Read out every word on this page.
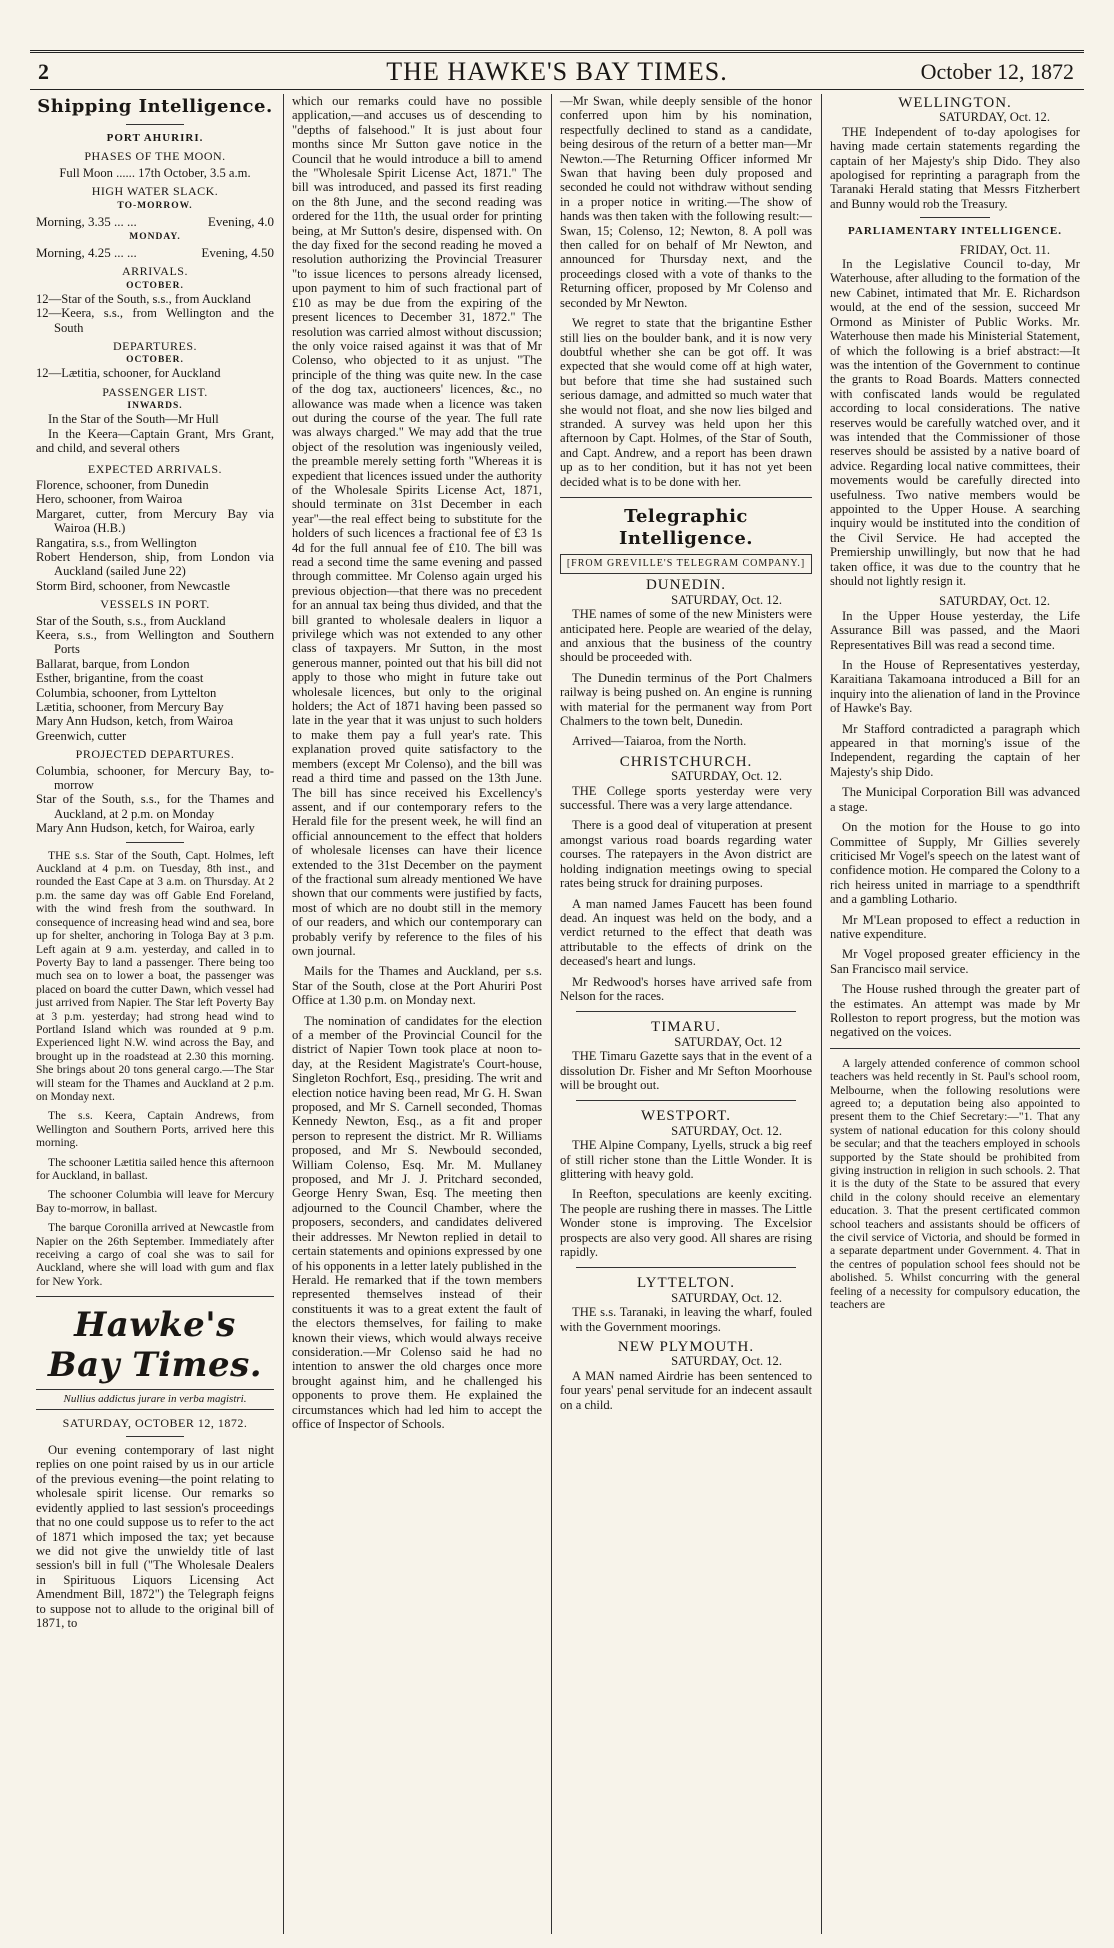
2	THE HAWKE'S BAY TIMES.	October 12, 1872
Shipping Intelligence.
PORT AHURIRI.
PHASES OF THE MOON.
Full Moon ...... 17th October, 3.5 a.m.
HIGH WATER SLACK.
TO-MORROW.
Morning, 3.35 ... ...	Evening, 4.0
MONDAY.
Morning, 4.25 ... ...	Evening, 4.50
ARRIVALS.
OCTOBER.
12—Star of the South, s.s., from Auckland
12—Keera, s.s., from Wellington and the South
DEPARTURES.
OCTOBER.
12—Lætitia, schooner, for Auckland
PASSENGER LIST.
INWARDS.
In the Star of the South—Mr Hull
In the Keera—Captain Grant, Mrs Grant, and child, and several others
EXPECTED ARRIVALS.
Florence, schooner, from Dunedin
Hero, schooner, from Wairoa
Margaret, cutter, from Mercury Bay via Wairoa (H.B.)
Rangatira, s.s., from Wellington
Robert Henderson, ship, from London via Auckland (sailed June 22)
Storm Bird, schooner, from Newcastle
VESSELS IN PORT.
Star of the South, s.s., from Auckland
Keera, s.s., from Wellington and Southern Ports
Ballarat, barque, from London
Esther, brigantine, from the coast
Columbia, schooner, from Lyttelton
Lætitia, schooner, from Mercury Bay
Mary Ann Hudson, ketch, from Wairoa
Greenwich, cutter
PROJECTED DEPARTURES.
Columbia, schooner, for Mercury Bay, to-morrow
Star of the South, s.s., for the Thames and Auckland, at 2 p.m. on Monday
Mary Ann Hudson, ketch, for Wairoa, early
THE s.s. Star of the South, Capt. Holmes, left Auckland at 4 p.m. on Tuesday, 8th inst., and rounded the East Cape at 3 a.m. on Thursday. At 2 p.m. the same day was off Gable End Foreland, with the wind fresh from the southward. In consequence of increasing head wind and sea, bore up for shelter, anchoring in Tologa Bay at 3 p.m. Left again at 9 a.m. yesterday, and called in to Poverty Bay to land a passenger. There being too much sea on to lower a boat, the passenger was placed on board the cutter Dawn, which vessel had just arrived from Napier. The Star left Poverty Bay at 3 p.m. yesterday; had strong head wind to Portland Island which was rounded at 9 p.m. Experienced light N.W. wind across the Bay, and brought up in the roadstead at 2.30 this morning. She brings about 20 tons general cargo.—The Star will steam for the Thames and Auckland at 2 p.m. on Monday next.
The s.s. Keera, Captain Andrews, from Wellington and Southern Ports, arrived here this morning.
The schooner Lætitia sailed hence this afternoon for Auckland, in ballast.
The schooner Columbia will leave for Mercury Bay to-morrow, in ballast.
The barque Coronilla arrived at Newcastle from Napier on the 26th September. Immediately after receiving a cargo of coal she was to sail for Auckland, where she will load with gum and flax for New York.
Hawke's Bay Times.
Nullius addictus jurare in verba magistri.
SATURDAY, OCTOBER 12, 1872.
Our evening contemporary of last night replies on one point raised by us in our article of the previous evening—the point relating to wholesale spirit license. Our remarks so evidently applied to last session's proceedings that no one could suppose us to refer to the act of 1871 which imposed the tax; yet because we did not give the unwieldy title of last session's bill in full ("The Wholesale Dealers in Spirituous Liquors Licensing Act Amendment Bill, 1872") the Telegraph feigns to suppose not to allude to the original bill of 1871, to
which our remarks could have no possible application,—and accuses us of descending to "depths of falsehood." It is just about four months since Mr Sutton gave notice in the Council that he would introduce a bill to amend the "Wholesale Spirit License Act, 1871." The bill was introduced, and passed its first reading on the 8th June, and the second reading was ordered for the 11th, the usual order for printing being, at Mr Sutton's desire, dispensed with. On the day fixed for the second reading he moved a resolution authorizing the Provincial Treasurer "to issue licences to persons already licensed, upon payment to him of such fractional part of £10 as may be due from the expiring of the present licences to December 31, 1872." The resolution was carried almost without discussion; the only voice raised against it was that of Mr Colenso, who objected to it as unjust. "The principle of the thing was quite new. In the case of the dog tax, auctioneers' licences, &c., no allowance was made when a licence was taken out during the course of the year. The full rate was always charged." We may add that the true object of the resolution was ingeniously veiled, the preamble merely setting forth "Whereas it is expedient that licences issued under the authority of the Wholesale Spirits License Act, 1871, should terminate on 31st December in each year"—the real effect being to substitute for the holders of such licences a fractional fee of £3 1s 4d for the full annual fee of £10. The bill was read a second time the same evening and passed through committee. Mr Colenso again urged his previous objection—that there was no precedent for an annual tax being thus divided, and that the bill granted to wholesale dealers in liquor a privilege which was not extended to any other class of taxpayers. Mr Sutton, in the most generous manner, pointed out that his bill did not apply to those who might in future take out wholesale licences, but only to the original holders; the Act of 1871 having been passed so late in the year that it was unjust to such holders to make them pay a full year's rate. This explanation proved quite satisfactory to the members (except Mr Colenso), and the bill was read a third time and passed on the 13th June. The bill has since received his Excellency's assent, and if our contemporary refers to the Herald file for the present week, he will find an official announcement to the effect that holders of wholesale licenses can have their licence extended to the 31st December on the payment of the fractional sum already mentioned We have shown that our comments were justified by facts, most of which are no doubt still in the memory of our readers, and which our contemporary can probably verify by reference to the files of his own journal.
Mails for the Thames and Auckland, per s.s. Star of the South, close at the Port Ahuriri Post Office at 1.30 p.m. on Monday next.
The nomination of candidates for the election of a member of the Provincial Council for the district of Napier Town took place at noon to-day, at the Resident Magistrate's Court-house, Singleton Rochfort, Esq., presiding. The writ and election notice having been read, Mr G. H. Swan proposed, and Mr S. Carnell seconded, Thomas Kennedy Newton, Esq., as a fit and proper person to represent the district. Mr R. Williams proposed, and Mr S. Newbould seconded, William Colenso, Esq. Mr. M. Mullaney proposed, and Mr J. J. Pritchard seconded, George Henry Swan, Esq. The meeting then adjourned to the Council Chamber, where the proposers, seconders, and candidates delivered their addresses. Mr Newton replied in detail to certain statements and opinions expressed by one of his opponents in a letter lately published in the Herald. He remarked that if the town members represented themselves instead of their constituents it was to a great extent the fault of the electors themselves, for failing to make known their views, which would always receive consideration.—Mr Colenso said he had no intention to answer the old charges once more brought against him, and he challenged his opponents to prove them. He explained the circumstances which had led him to accept the office of Inspector of Schools.
—Mr Swan, while deeply sensible of the honor conferred upon him by his nomination, respectfully declined to stand as a candidate, being desirous of the return of a better man—Mr Newton.—The Returning Officer informed Mr Swan that having been duly proposed and seconded he could not withdraw without sending in a proper notice in writing.—The show of hands was then taken with the following result:—Swan, 15; Colenso, 12; Newton, 8. A poll was then called for on behalf of Mr Newton, and announced for Thursday next, and the proceedings closed with a vote of thanks to the Returning officer, proposed by Mr Colenso and seconded by Mr Newton.
We regret to state that the brigantine Esther still lies on the boulder bank, and it is now very doubtful whether she can be got off. It was expected that she would come off at high water, but before that time she had sustained such serious damage, and admitted so much water that she would not float, and she now lies bilged and stranded. A survey was held upon her this afternoon by Capt. Holmes, of the Star of South, and Capt. Andrew, and a report has been drawn up as to her condition, but it has not yet been decided what is to be done with her.
Telegraphic Intelligence.
[FROM GREVILLE'S TELEGRAM COMPANY.]
DUNEDIN.
SATURDAY, Oct. 12.
THE names of some of the new Ministers were anticipated here. People are wearied of the delay, and anxious that the business of the country should be proceeded with.
The Dunedin terminus of the Port Chalmers railway is being pushed on. An engine is running with material for the permanent way from Port Chalmers to the town belt, Dunedin.
Arrived—Taiaroa, from the North.
CHRISTCHURCH.
SATURDAY, Oct. 12.
THE College sports yesterday were very successful. There was a very large attendance.
There is a good deal of vituperation at present amongst various road boards regarding water courses. The ratepayers in the Avon district are holding indignation meetings owing to special rates being struck for draining purposes.
A man named James Faucett has been found dead. An inquest was held on the body, and a verdict returned to the effect that death was attributable to the effects of drink on the deceased's heart and lungs.
Mr Redwood's horses have arrived safe from Nelson for the races.
TIMARU.
SATURDAY, Oct. 12
THE Timaru Gazette says that in the event of a dissolution Dr. Fisher and Mr Sefton Moorhouse will be brought out.
WESTPORT.
SATURDAY, Oct. 12.
THE Alpine Company, Lyells, struck a big reef of still richer stone than the Little Wonder. It is glittering with heavy gold.
In Reefton, speculations are keenly exciting. The people are rushing there in masses. The Little Wonder stone is improving. The Excelsior prospects are also very good. All shares are rising rapidly.
LYTTELTON.
SATURDAY, Oct. 12.
THE s.s. Taranaki, in leaving the wharf, fouled with the Government moorings.
NEW PLYMOUTH.
SATURDAY, Oct. 12.
A MAN named Airdrie has been sentenced to four years' penal servitude for an indecent assault on a child.
WELLINGTON.
SATURDAY, Oct. 12.
THE Independent of to-day apologises for having made certain statements regarding the captain of her Majesty's ship Dido. They also apologised for reprinting a paragraph from the Taranaki Herald stating that Messrs Fitzherbert and Bunny would rob the Treasury.
PARLIAMENTARY INTELLIGENCE.
FRIDAY, Oct. 11.
In the Legislative Council to-day, Mr Waterhouse, after alluding to the formation of the new Cabinet, intimated that Mr. E. Richardson would, at the end of the session, succeed Mr Ormond as Minister of Public Works. Mr. Waterhouse then made his Ministerial Statement, of which the following is a brief abstract:—It was the intention of the Government to continue the grants to Road Boards. Matters connected with confiscated lands would be regulated according to local considerations. The native reserves would be carefully watched over, and it was intended that the Commissioner of those reserves should be assisted by a native board of advice. Regarding local native committees, their movements would be carefully directed into usefulness. Two native members would be appointed to the Upper House. A searching inquiry would be instituted into the condition of the Civil Service. He had accepted the Premiership unwillingly, but now that he had taken office, it was due to the country that he should not lightly resign it.
SATURDAY, Oct. 12.
In the Upper House yesterday, the Life Assurance Bill was passed, and the Maori Representatives Bill was read a second time.
In the House of Representatives yesterday, Karaitiana Takamoana introduced a Bill for an inquiry into the alienation of land in the Province of Hawke's Bay.
Mr Stafford contradicted a paragraph which appeared in that morning's issue of the Independent, regarding the captain of her Majesty's ship Dido.
The Municipal Corporation Bill was advanced a stage.
On the motion for the House to go into Committee of Supply, Mr Gillies severely criticised Mr Vogel's speech on the latest want of confidence motion. He compared the Colony to a rich heiress united in marriage to a spendthrift and a gambling Lothario.
Mr M'Lean proposed to effect a reduction in native expenditure.
Mr Vogel proposed greater efficiency in the San Francisco mail service.
The House rushed through the greater part of the estimates. An attempt was made by Mr Rolleston to report progress, but the motion was negatived on the voices.
A largely attended conference of common school teachers was held recently in St. Paul's school room, Melbourne, when the following resolutions were agreed to; a deputation being also appointed to present them to the Chief Secretary:—"1. That any system of national education for this colony should be secular; and that the teachers employed in schools supported by the State should be prohibited from giving instruction in religion in such schools. 2. That it is the duty of the State to be assured that every child in the colony should receive an elementary education. 3. That the present certificated common school teachers and assistants should be officers of the civil service of Victoria, and should be formed in a separate department under Government. 4. That in the centres of population school fees should not be abolished. 5. Whilst concurring with the general feeling of a necessity for compulsory education, the teachers are
